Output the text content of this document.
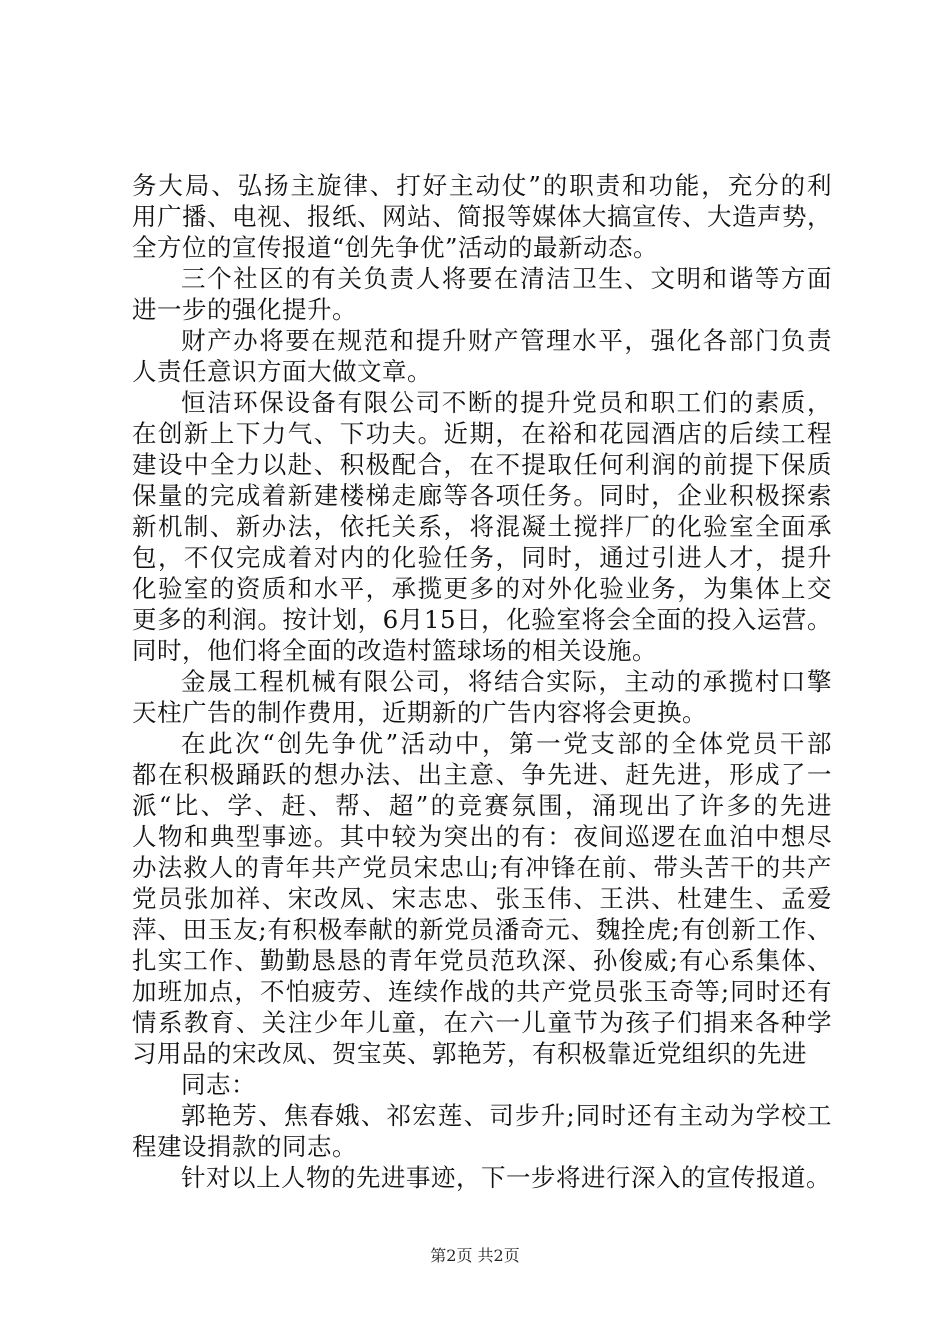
务大局、弘扬主旋律、打好主动仗”的职责和功能，充分的利
用广播、电视、报纸、网站、简报等媒体大搞宣传、大造声势，
全方位的宣传报道“创先争优”活动的最新动态。
三个社区的有关负责人将要在清洁卫生、文明和谐等方面
进一步的强化提升。
财产办将要在规范和提升财产管理水平，强化各部门负责
人责任意识方面大做文章。
恒洁环保设备有限公司不断的提升党员和职工们的素质，
在创新上下力气、下功夫。近期，在裕和花园酒店的后续工程
建设中全力以赴、积极配合，在不提取任何利润的前提下保质
保量的完成着新建楼梯走廊等各项任务。同时，企业积极探索
新机制、新办法，依托关系，将混凝土搅拌厂的化验室全面承
包，不仅完成着对内的化验任务，同时，通过引进人才，提升
化验室的资质和水平，承揽更多的对外化验业务，为集体上交
更多的利润。按计划，6月15日，化验室将会全面的投入运营。
同时，他们将全面的改造村篮球场的相关设施。
金晟工程机械有限公司，将结合实际，主动的承揽村口擎
天柱广告的制作费用，近期新的广告内容将会更换。
在此次“创先争优”活动中，第一党支部的全体党员干部
都在积极踊跃的想办法、出主意、争先进、赶先进，形成了一
派“比、学、赶、帮、超”的竞赛氛围，涌现出了许多的先进
人物和典型事迹。其中较为突出的有：夜间巡逻在血泊中想尽
办法救人的青年共产党员宋忠山;有冲锋在前、带头苦干的共产
党员张加祥、宋改凤、宋志忠、张玉伟、王洪、杜建生、孟爱
萍、田玉友;有积极奉献的新党员潘奇元、魏拴虎;有创新工作、
扎实工作、勤勤恳恳的青年党员范玖深、孙俊威;有心系集体、
加班加点，不怕疲劳、连续作战的共产党员张玉奇等;同时还有
情系教育、关注少年儿童，在六一儿童节为孩子们捐来各种学
习用品的宋改凤、贺宝英、郭艳芳，有积极靠近党组织的先进
同志：
郭艳芳、焦春娥、祁宏莲、司步升;同时还有主动为学校工
程建设捐款的同志。
针对以上人物的先进事迹，下一步将进行深入的宣传报道。
第2页 共2页
